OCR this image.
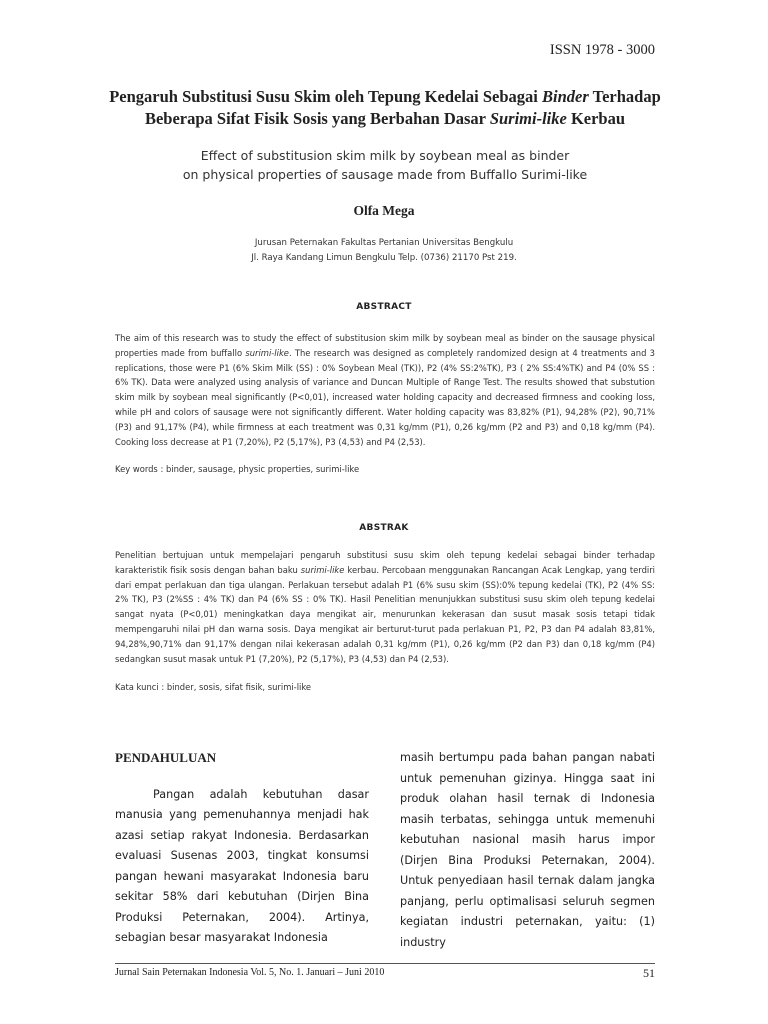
ISSN 1978 - 3000
Pengaruh Substitusi Susu Skim oleh Tepung Kedelai Sebagai Binder Terhadap
Beberapa Sifat Fisik Sosis yang Berbahan Dasar Surimi-like Kerbau
Effect of substitusion skim milk by soybean meal as binder
on physical properties of sausage made from Buffallo Surimi-like
Olfa Mega
Jurusan Peternakan Fakultas Pertanian Universitas Bengkulu
Jl. Raya Kandang Limun Bengkulu Telp. (0736) 21170 Pst 219.
ABSTRACT

The aim of this research was to study the effect of substitusion skim milk by soybean meal as binder on the sausage physical properties made from buffallo surimi-like. The research was designed as completely randomized design at 4 treatments and 3 replications, those were P1 (6% Skim Milk (SS) : 0% Soybean Meal (TK)), P2 (4% SS:2%TK), P3 ( 2% SS:4%TK) and P4 (0% SS : 6% TK). Data were analyzed using analysis of variance and Duncan Multiple of Range Test. The results showed that substution skim milk by soybean meal significantly (P<0,01), increased water holding capacity and decreased firmness and cooking loss, while pH and colors of sausage were not significantly different. Water holding capacity was 83,82% (P1), 94,28% (P2), 90,71% (P3) and 91,17% (P4), while firmness at each treatment was 0,31 kg/mm (P1), 0,26 kg/mm (P2 and P3) and 0,18 kg/mm (P4). Cooking loss decrease at P1 (7,20%), P2 (5,17%), P3 (4,53) and P4 (2,53).

Key words : binder, sausage, physic properties, surimi-like

ABSTRAK

Penelitian bertujuan untuk mempelajari pengaruh substitusi susu skim oleh tepung kedelai sebagai binder terhadap karakteristik fisik sosis dengan bahan baku surimi-like kerbau. Percobaan menggunakan Rancangan Acak Lengkap, yang terdiri dari empat perlakuan dan tiga ulangan. Perlakuan tersebut adalah P1 (6% susu skim (SS):0% tepung kedelai (TK), P2 (4% SS: 2% TK), P3 (2%SS : 4% TK) dan P4 (6% SS : 0% TK). Hasil Penelitian menunjukkan substitusi susu skim oleh tepung kedelai sangat nyata (P<0,01) meningkatkan daya mengikat air, menurunkan kekerasan dan susut masak sosis tetapi tidak mempengaruhi nilai pH dan warna sosis. Daya mengikat air berturut-turut pada perlakuan P1, P2, P3 dan P4 adalah 83,81%, 94,28%,90,71% dan 91,17% dengan nilai kekerasan adalah 0,31 kg/mm (P1), 0,26 kg/mm (P2 dan P3) dan 0,18 kg/mm (P4) sedangkan susut masak untuk P1 (7,20%), P2 (5,17%), P3 (4,53) dan P4 (2,53).

Kata kunci : binder, sosis, sifat fisik, surimi-like

PENDAHULUAN

Pangan adalah kebutuhan dasar manusia yang pemenuhannya menjadi hak azasi setiap rakyat Indonesia. Berdasarkan evaluasi Susenas 2003, tingkat konsumsi pangan hewani masyarakat Indonesia baru sekitar 58% dari kebutuhan (Dirjen Bina Produksi Peternakan, 2004). Artinya, sebagian besar masyarakat Indonesia

masih bertumpu pada bahan pangan nabati untuk pemenuhan gizinya. Hingga saat ini produk olahan hasil ternak di Indonesia masih terbatas, sehingga untuk memenuhi kebutuhan nasional masih harus impor (Dirjen Bina Produksi Peternakan, 2004). Untuk penyediaan hasil ternak dalam jangka panjang, perlu optimalisasi seluruh segmen kegiatan industri peternakan, yaitu: (1) industry

Jurnal Sain Peternakan Indonesia Vol. 5, No. 1. Januari – Juni 2010	51
